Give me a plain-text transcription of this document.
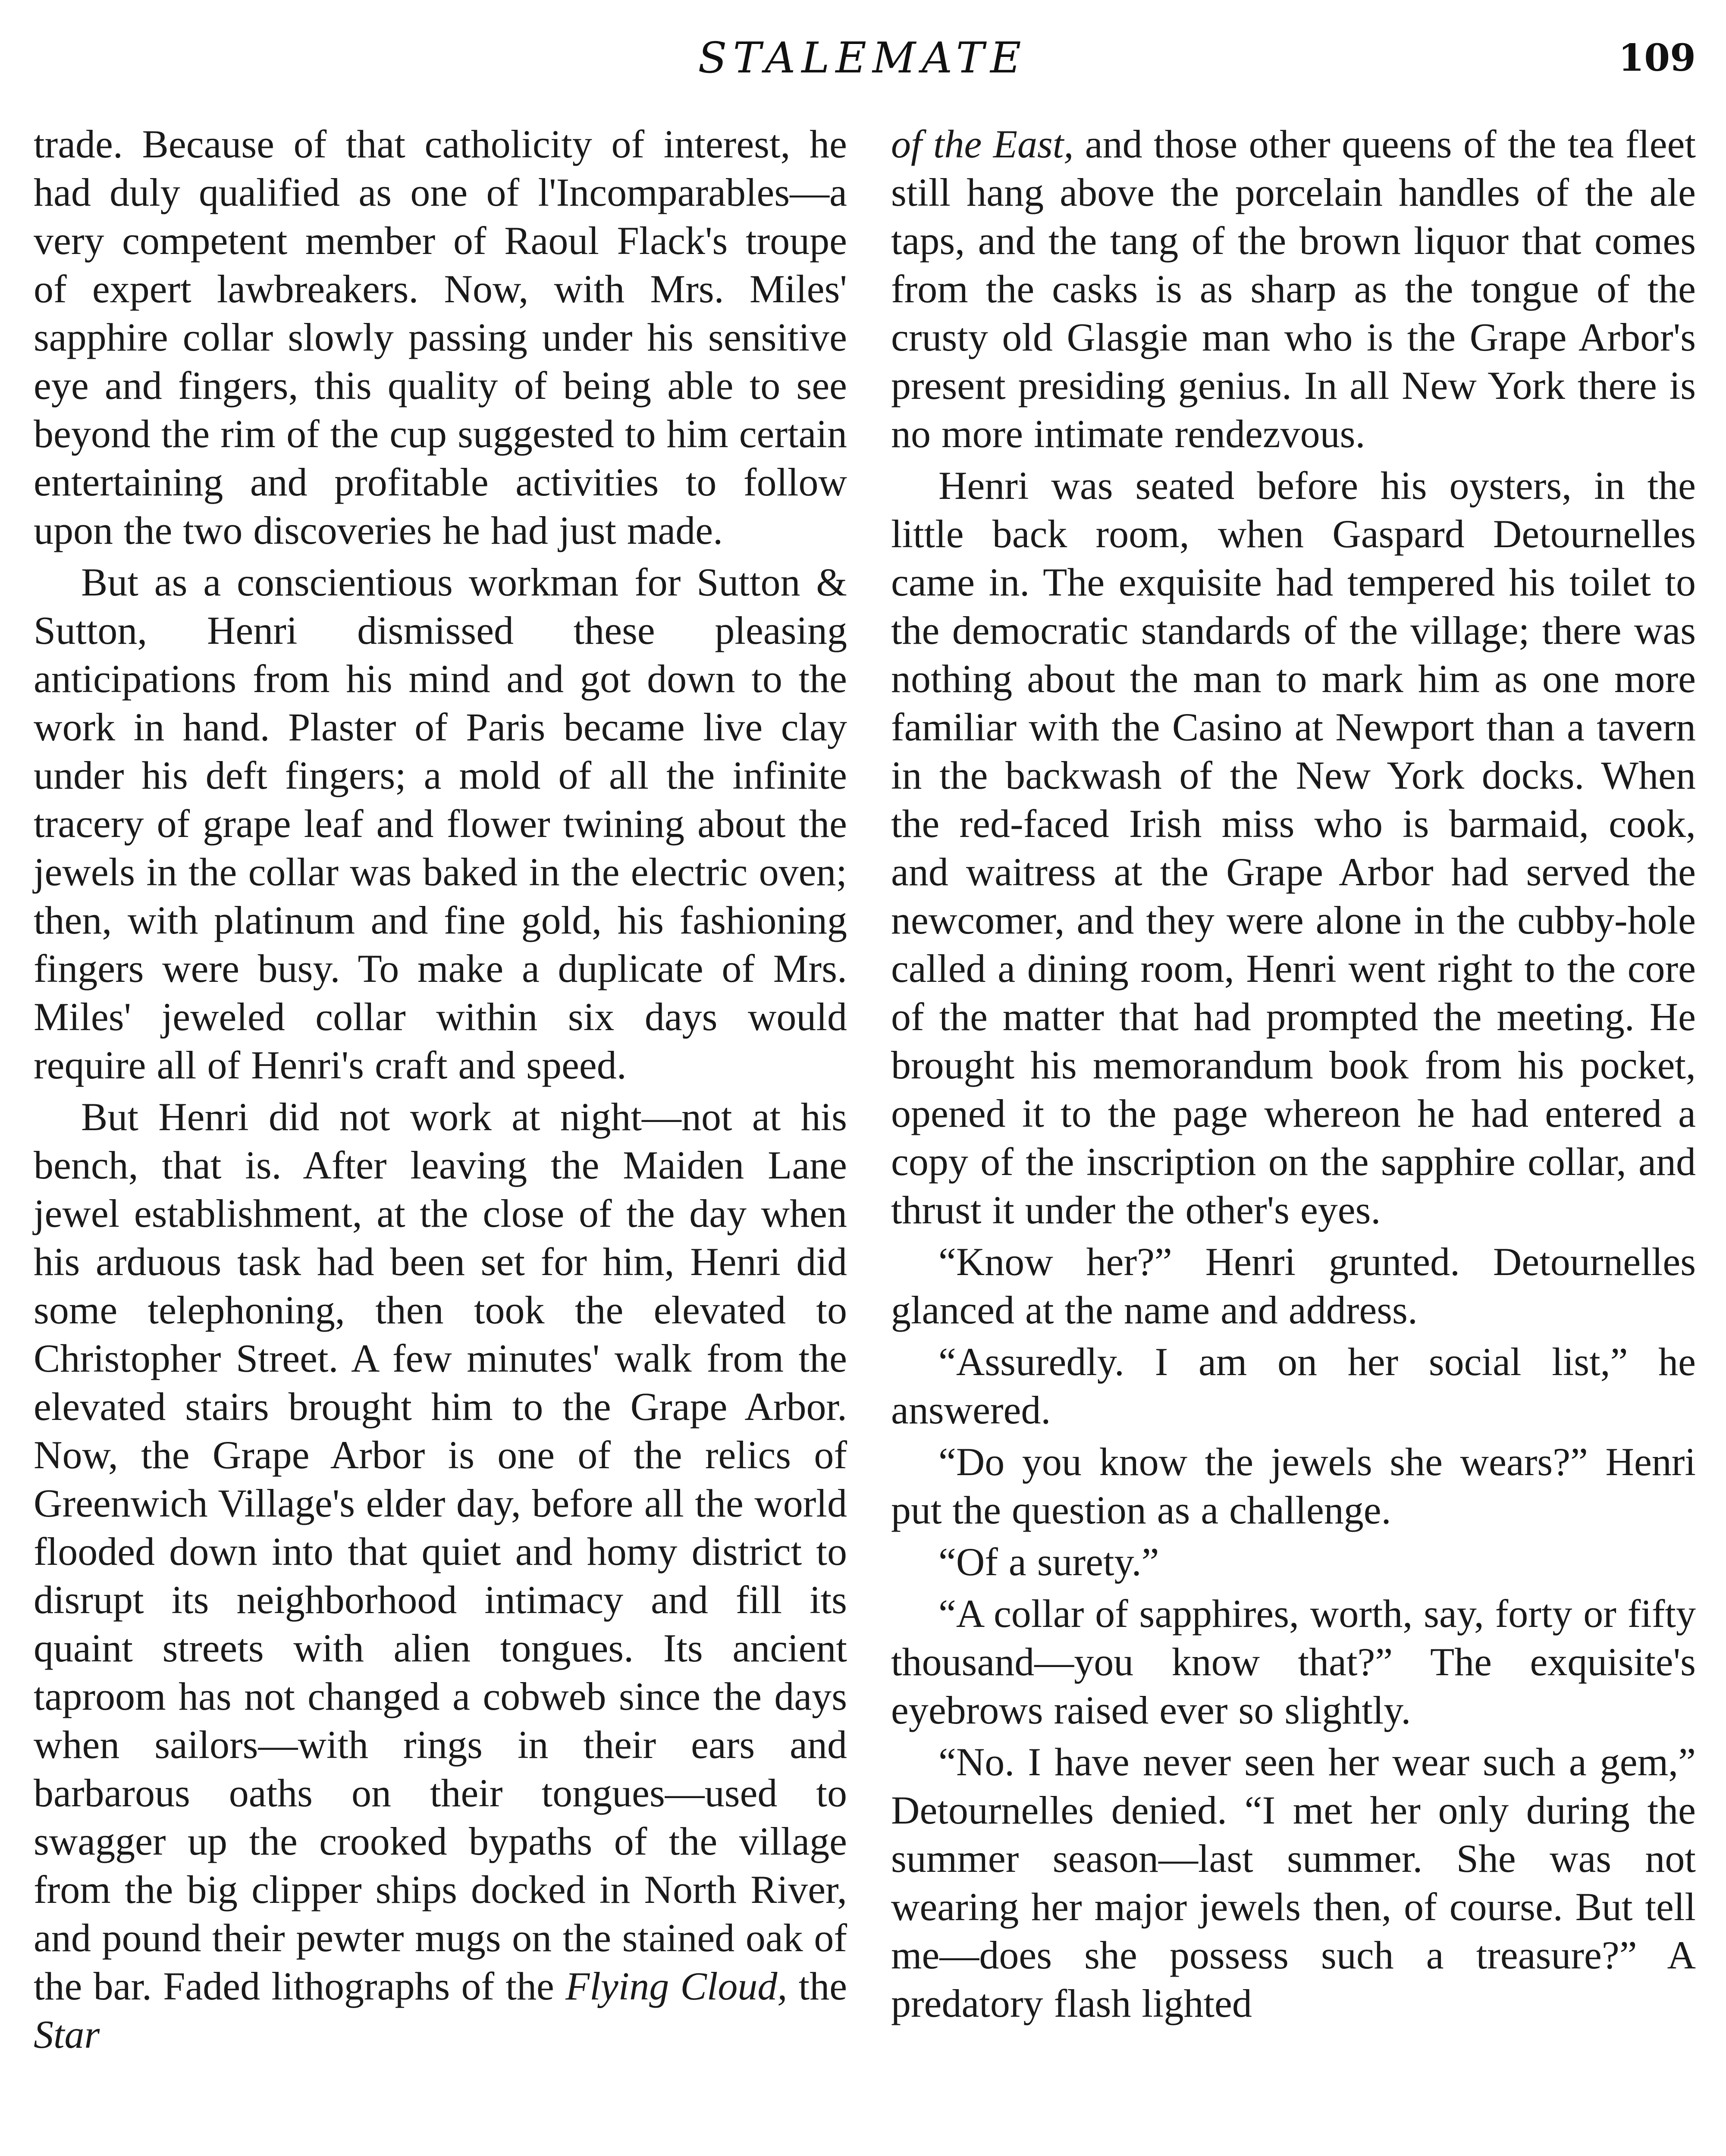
STALEMATE	109

trade. Because of that catholicity of interest, he had duly qualified as one of l'Incomparables—a very competent member of Raoul Flack's troupe of expert lawbreakers. Now, with Mrs. Miles' sapphire collar slowly passing under his sensitive eye and fingers, this quality of being able to see beyond the rim of the cup suggested to him certain entertaining and profitable activities to follow upon the two discoveries he had just made.

But as a conscientious workman for Sutton & Sutton, Henri dismissed these pleasing anticipations from his mind and got down to the work in hand. Plaster of Paris became live clay under his deft fingers; a mold of all the infinite tracery of grape leaf and flower twining about the jewels in the collar was baked in the electric oven; then, with platinum and fine gold, his fashioning fingers were busy. To make a duplicate of Mrs. Miles' jeweled collar within six days would require all of Henri's craft and speed.

But Henri did not work at night—not at his bench, that is. After leaving the Maiden Lane jewel establishment, at the close of the day when his arduous task had been set for him, Henri did some telephoning, then took the elevated to Christopher Street. A few minutes' walk from the elevated stairs brought him to the Grape Arbor. Now, the Grape Arbor is one of the relics of Greenwich Village's elder day, before all the world flooded down into that quiet and homy district to disrupt its neighborhood intimacy and fill its quaint streets with alien tongues. Its ancient taproom has not changed a cobweb since the days when sailors—with rings in their ears and barbarous oaths on their tongues—used to swagger up the crooked bypaths of the village from the big clipper ships docked in North River, and pound their pewter mugs on the stained oak of the bar. Faded lithographs of the Flying Cloud, the Star

of the East, and those other queens of the tea fleet still hang above the porcelain handles of the ale taps, and the tang of the brown liquor that comes from the casks is as sharp as the tongue of the crusty old Glasgie man who is the Grape Arbor's present presiding genius. In all New York there is no more intimate rendezvous.

Henri was seated before his oysters, in the little back room, when Gaspard Detournelles came in. The exquisite had tempered his toilet to the democratic standards of the village; there was nothing about the man to mark him as one more familiar with the Casino at Newport than a tavern in the backwash of the New York docks. When the red-faced Irish miss who is barmaid, cook, and waitress at the Grape Arbor had served the newcomer, and they were alone in the cubby-hole called a dining room, Henri went right to the core of the matter that had prompted the meeting. He brought his memorandum book from his pocket, opened it to the page whereon he had entered a copy of the inscription on the sapphire collar, and thrust it under the other's eyes.

“Know her?” Henri grunted. Detournelles glanced at the name and address.

“Assuredly. I am on her social list,” he answered.

“Do you know the jewels she wears?” Henri put the question as a challenge.

“Of a surety.”

“A collar of sapphires, worth, say, forty or fifty thousand—you know that?” The exquisite's eyebrows raised ever so slightly.

“No. I have never seen her wear such a gem,” Detournelles denied. “I met her only during the summer season—last summer. She was not wearing her major jewels then, of course. But tell me—does she possess such a treasure?” A predatory flash lighted
